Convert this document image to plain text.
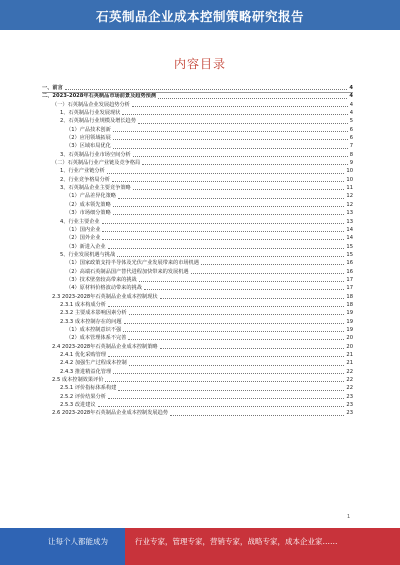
石英制品企业成本控制策略研究报告
内容目录
一、前言	4
二、2023-2028年石英制品市场前景及趋势预测	4
（一）石英制品企业发展趋势分析	4
1、石英制品行业发展现状	4
2、石英制品行业规模及增长趋势	5
（1）产品技术创新	6
（2）应用领域拓展	6
（3）区域布局优化	7
3、石英制品行业市场空间分析	8
（二）石英制品行业产业链及竞争格局	9
1、行业产业链分析	10
2、行业竞争格局分析	10
3、石英制品企业主要竞争策略	11
（1）产品差异化策略	12
（2）成本领先策略	12
（3）市场细分策略	13
4、行业主要企业	13
（1）国内企业	14
（2）国外企业	14
（3）新进入企业	15
5、行业发展机遇与挑战	15
（1）国家政策支持半导体及光伏产业发展带来的市场机遇	16
（2）高端石英制品国产替代进程加快带来的发展机遇	16
（3）技术壁垒较高带来的挑战	17
（4）原材料价格波动带来的挑战	17
2.3 2023-2028年石英制品企业成本控制现状	18
2.3.1 成本构成分析	18
2.3.2 主要成本影响因素分析	19
2.3.3 成本控制存在的问题	19
（1）成本控制意识不强	19
（2）成本管理体系不完善	20
2.4 2023-2028年石英制品企业成本控制策略	20
2.4.1 优化采购管理	21
2.4.2 加强生产过程成本控制	21
2.4.3 推进精益化管理	22
2.5 成本控制效果评价	22
2.5.1 评价指标体系构建	22
2.5.2 评价结果分析	23
2.5.3 改进建议	23
2.6 2023-2028年石英制品企业成本控制发展趋势	23
1
让每个人都能成为	行业专家，管理专家，营销专家，战略专家，成本企业家……
